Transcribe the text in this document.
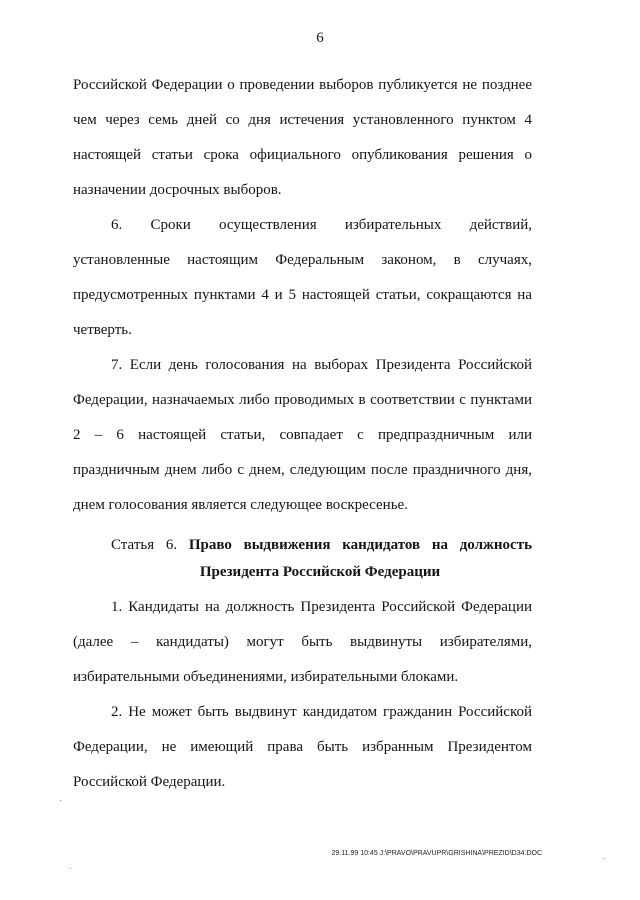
6
Российской Федерации о проведении выборов публикуется не позднее
чем через семь дней со дня истечения установленного пунктом 4
настоящей статьи срока официального опубликования решения о
назначении досрочных выборов.
6. Сроки осуществления избирательных действий,
установленные настоящим Федеральным законом, в случаях,
предусмотренных пунктами 4 и 5 настоящей статьи, сокращаются на
четверть.
7. Если день голосования на выборах Президента Российской
Федерации, назначаемых либо проводимых в соответствии с пунктами
2 – 6 настоящей статьи, совпадает с предпраздничным или
праздничным днем либо с днем, следующим после праздничного дня,
днем голосования является следующее воскресенье.
Статья 6. Право выдвижения кандидатов на должность
Президента Российской Федерации
1. Кандидаты на должность Президента Российской Федерации
(далее – кандидаты) могут быть выдвинуты избирателями,
избирательными объединениями, избирательными блоками.
2. Не может быть выдвинут кандидатом гражданин Российской
Федерации, не имеющий права быть избранным Президентом
Российской Федерации.
29.11.99 10:45 J:\PRAVO\PRAVUPR\GRISHINA\PREZID\D34.DOC
